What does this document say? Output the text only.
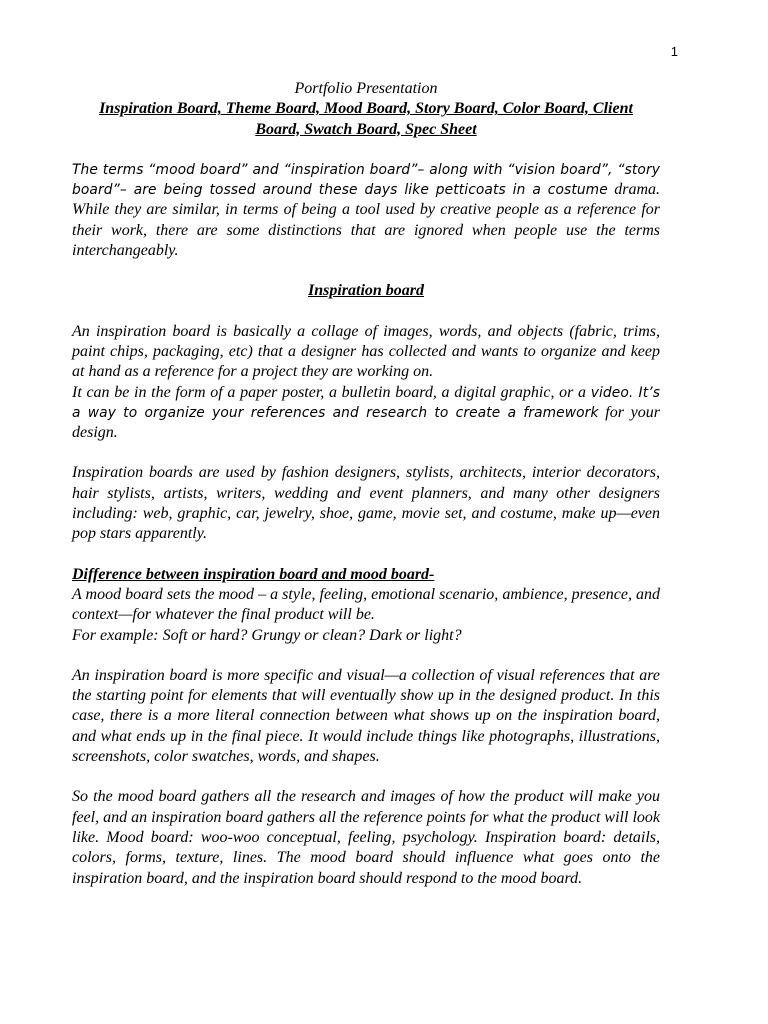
1
Portfolio Presentation
Inspiration Board, Theme Board, Mood Board, Story Board, Color Board, Client
Board, Swatch Board, Spec Sheet

The terms “mood board” and “inspiration board”– along with “vision board”, “story board”– are being tossed around these days like petticoats in a costume drama. While they are similar, in terms of being a tool used by creative people as a reference for their work, there are some distinctions that are ignored when people use the terms interchangeably.

Inspiration board

An inspiration board is basically a collage of images, words, and objects (fabric, trims, paint chips, packaging, etc) that a designer has collected and wants to organize and keep at hand as a reference for a project they are working on.

It can be in the form of a paper poster, a bulletin board, a digital graphic, or a video. It’s a way to organize your references and research to create a framework for your design.

Inspiration boards are used by fashion designers, stylists, architects, interior decorators, hair stylists, artists, writers, wedding and event planners, and many other designers including: web, graphic, car, jewelry, shoe, game, movie set, and costume, make up—even pop stars apparently.

Difference between inspiration board and mood board-

A mood board sets the mood – a style, feeling, emotional scenario, ambience, presence, and context—for whatever the final product will be.

For example: Soft or hard? Grungy or clean? Dark or light?

An inspiration board is more specific and visual—a collection of visual references that are the starting point for elements that will eventually show up in the designed product. In this case, there is a more literal connection between what shows up on the inspiration board, and what ends up in the final piece. It would include things like photographs, illustrations, screenshots, color swatches, words, and shapes.

So the mood board gathers all the research and images of how the product will make you feel, and an inspiration board gathers all the reference points for what the product will look like. Mood board: woo-woo conceptual, feeling, psychology. Inspiration board: details, colors, forms, texture, lines. The mood board should influence what goes onto the inspiration board, and the inspiration board should respond to the mood board.
